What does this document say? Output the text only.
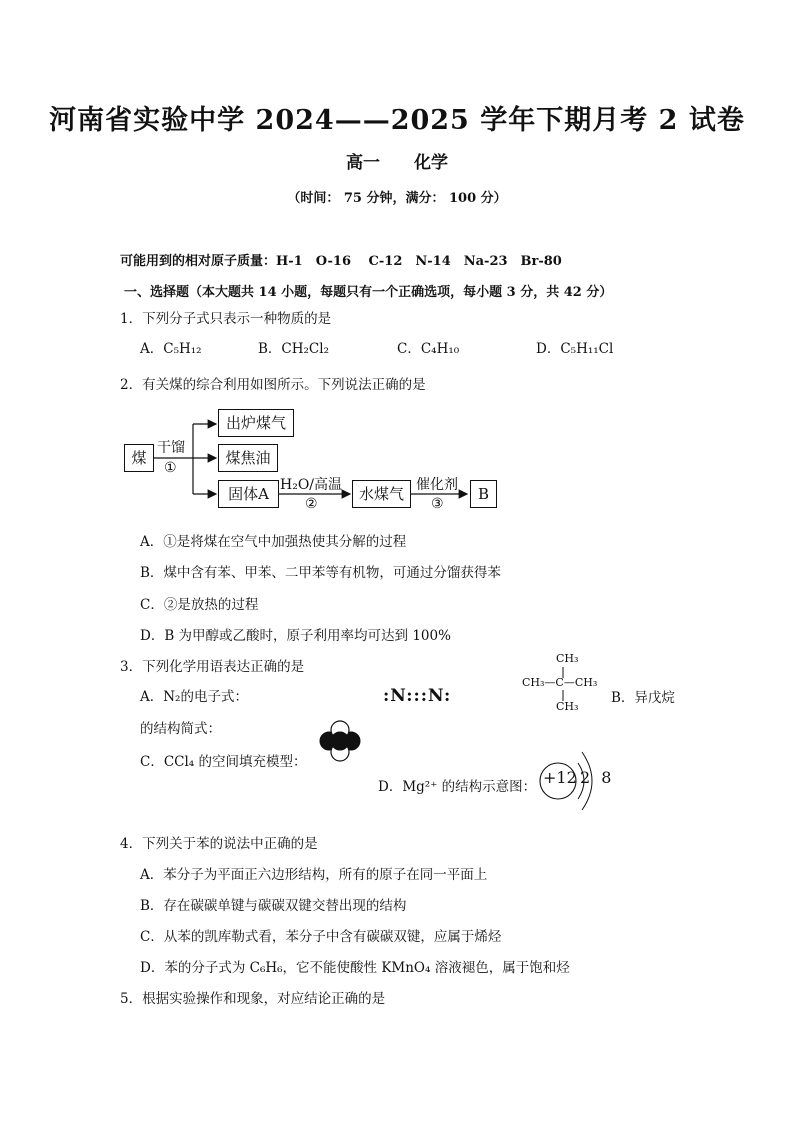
河南省实验中学 2024——2025 学年下期月考 2 试卷
高一 化学
（时间： 75 分钟，满分： 100 分）
可能用到的相对原子质量：H-1　O-16　 C-12　N-14　Na-23　Br-80
一、选择题（本大题共 14 小题，每题只有一个正确选项，每小题 3 分，共 42 分）
1．下列分子式只表示一种物质的是
A．C₅H₁₂	B．CH₂Cl₂	C．C₄H₁₀	D．C₅H₁₁Cl
2．有关煤的综合利用如图所示。下列说法正确的是
煤
干馏
①
出炉煤气
煤焦油
固体A H₂O/高温
②
水煤气 催化剂
③
B
A．①是将煤在空气中加强热使其分解的过程
B．煤中含有苯、甲苯、二甲苯等有机物，可通过分馏获得苯
C．②是放热的过程
D．B 为甲醇或乙酸时，原子利用率均可达到 100%
3．下列化学用语表达正确的是
A．N₂的电子式：	:N:::N:
CH₃
CH₃—C—CH₃
CH₃
B．异戊烷
的结构简式：
C．CCl₄ 的空间填充模型：
D．Mg²⁺ 的结构示意图： +12 2 8
4．下列关于苯的说法中正确的是
A．苯分子为平面正六边形结构，所有的原子在同一平面上
B．存在碳碳单键与碳碳双键交替出现的结构
C．从苯的凯库勒式看，苯分子中含有碳碳双键，应属于烯烃
D．苯的分子式为 C₆H₆，它不能使酸性 KMnO₄ 溶液褪色，属于饱和烃
5．根据实验操作和现象，对应结论正确的是
